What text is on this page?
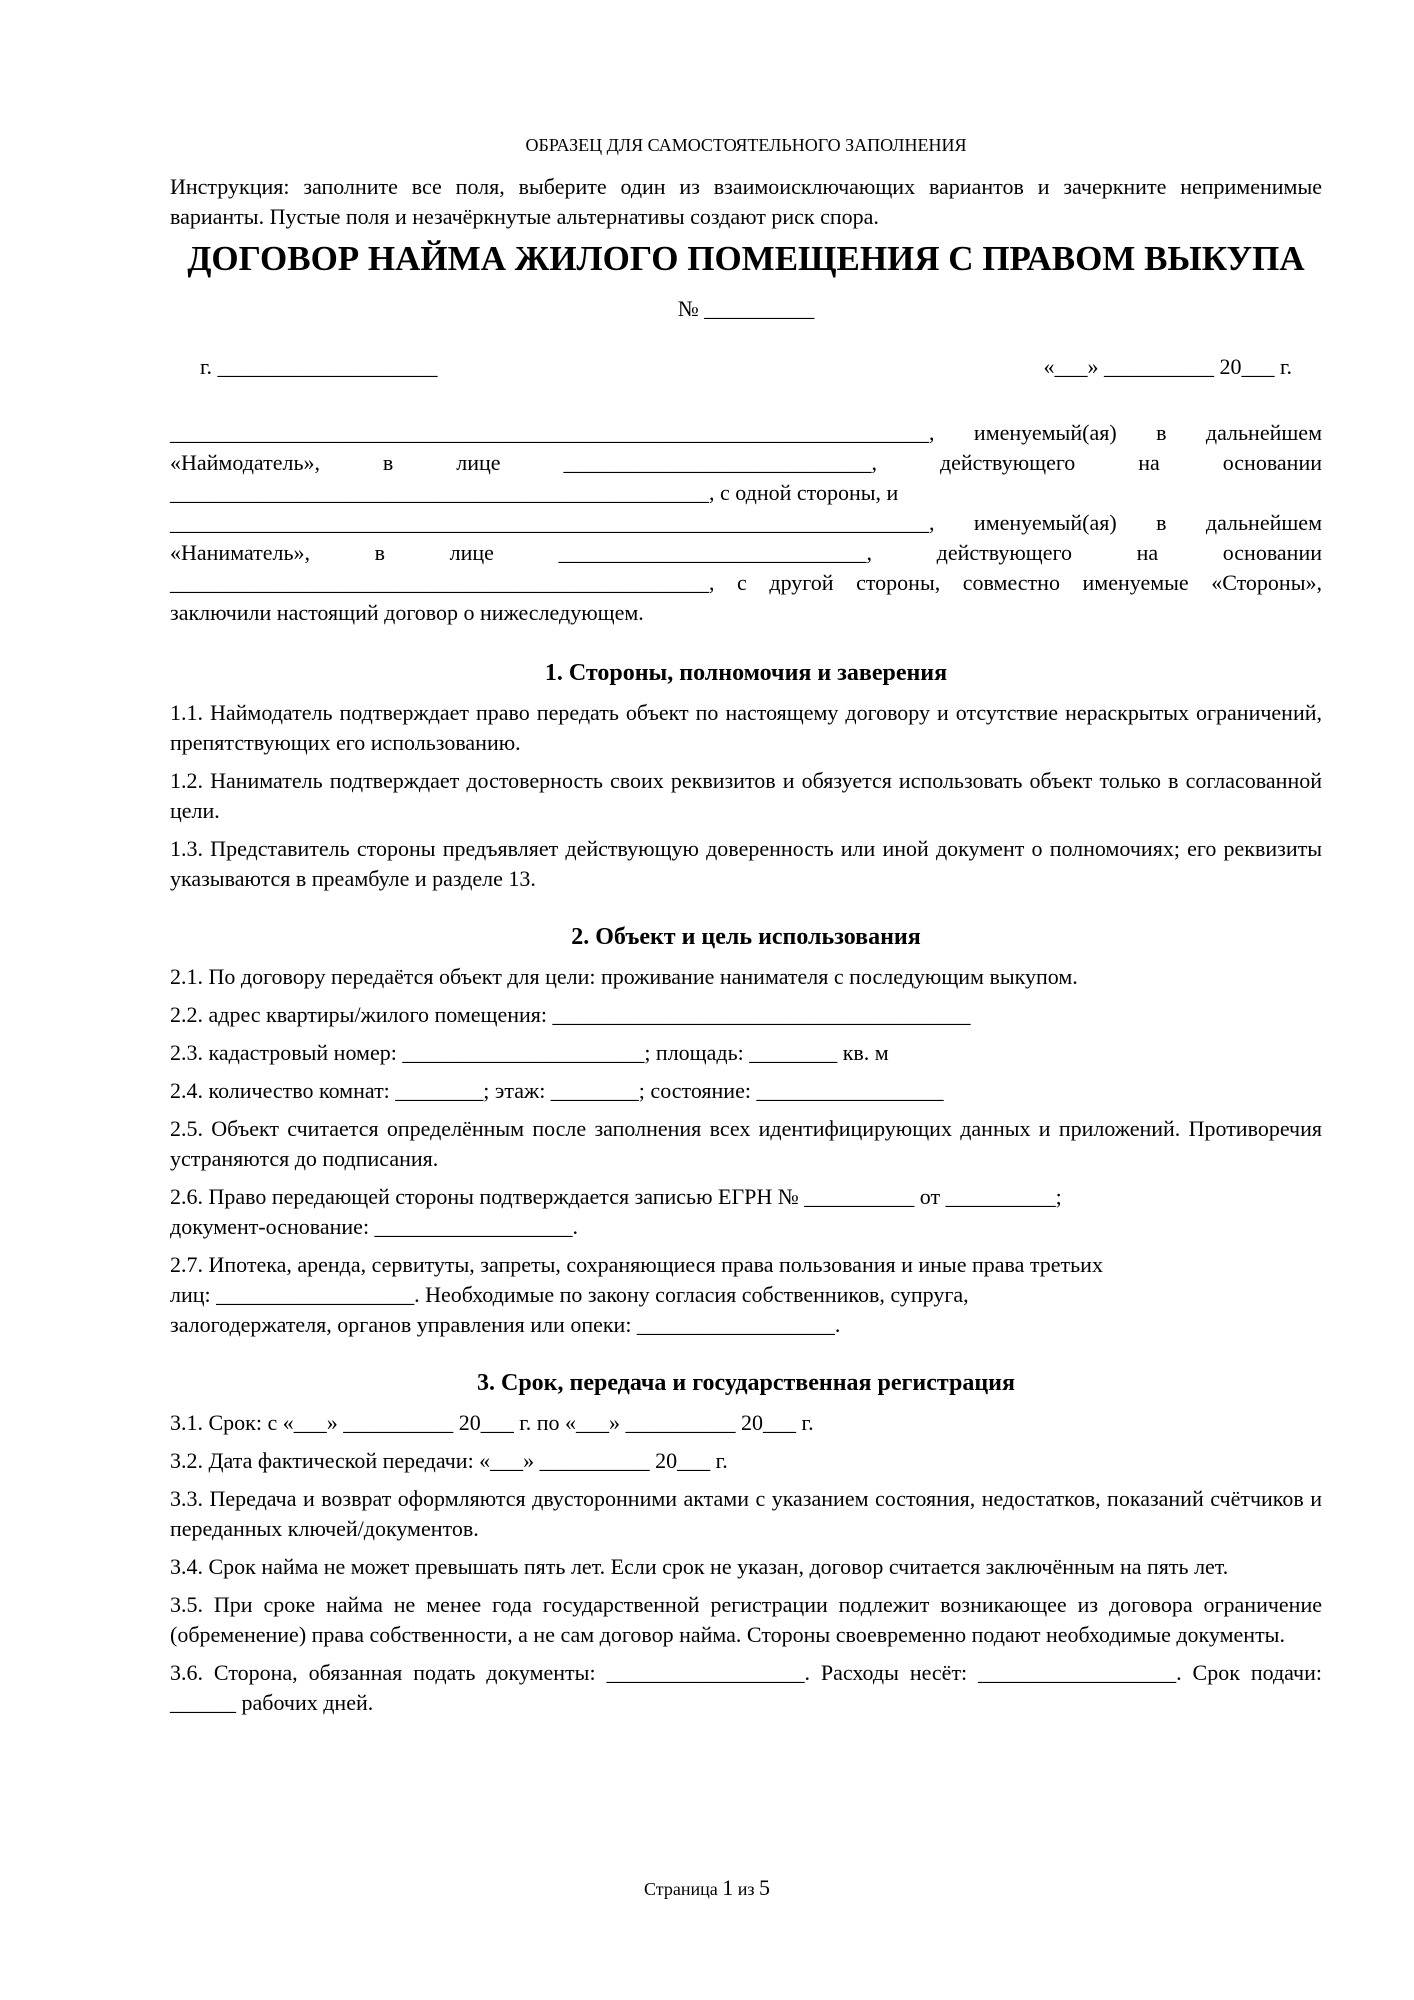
ОБРАЗЕЦ ДЛЯ САМОСТОЯТЕЛЬНОГО ЗАПОЛНЕНИЯ

Инструкция: заполните все поля, выберите один из взаимоисключающих вариантов и зачеркните неприменимые варианты. Пустые поля и незачёркнутые альтернативы создают риск спора.

ДОГОВОР НАЙМА ЖИЛОГО ПОМЕЩЕНИЯ С ПРАВОМ ВЫКУПА
№ __________
г. ____________________	«___» __________ 20___ г.

_____________________________________________________________________, именуемый(ая) в дальнейшем «Наймодатель», в лице ____________________________, действующего на основании _________________________________________________, с одной стороны, и

_____________________________________________________________________, именуемый(ая) в дальнейшем «Наниматель», в лице ____________________________, действующего на основании _________________________________________________, с другой стороны, совместно именуемые «Стороны», заключили настоящий договор о нижеследующем.

1. Стороны, полномочия и заверения

1.1. Наймодатель подтверждает право передать объект по настоящему договору и отсутствие нераскрытых ограничений, препятствующих его использованию.

1.2. Наниматель подтверждает достоверность своих реквизитов и обязуется использовать объект только в согласованной цели.

1.3. Представитель стороны предъявляет действующую доверенность или иной документ о полномочиях; его реквизиты указываются в преамбуле и разделе 13.

2. Объект и цель использования

2.1. По договору передаётся объект для цели: проживание нанимателя с последующим выкупом.

2.2. адрес квартиры/жилого помещения: ______________________________________

2.3. кадастровый номер: ______________________; площадь: ________ кв. м

2.4. количество комнат: ________; этаж: ________; состояние: _________________

2.5. Объект считается определённым после заполнения всех идентифицирующих данных и приложений. Противоречия устраняются до подписания.

2.6. Право передающей стороны подтверждается записью ЕГРН № __________ от __________;
документ-основание: __________________.
2.7. Ипотека, аренда, сервитуты, запреты, сохраняющиеся права пользования и иные права третьих
лиц: __________________. Необходимые по закону согласия собственников, супруга,
залогодержателя, органов управления или опеки: __________________.
3. Срок, передача и государственная регистрация

3.1. Срок: с «___» __________ 20___ г. по «___» __________ 20___ г.

3.2. Дата фактической передачи: «___» __________ 20___ г.

3.3. Передача и возврат оформляются двусторонними актами с указанием состояния, недостатков, показаний счётчиков и переданных ключей/документов.

3.4. Срок найма не может превышать пять лет. Если срок не указан, договор считается заключённым на пять лет.

3.5. При сроке найма не менее года государственной регистрации подлежит возникающее из договора ограничение (обременение) права собственности, а не сам договор найма. Стороны своевременно подают необходимые документы.

3.6. Сторона, обязанная подать документы: __________________. Расходы несёт: __________________. Срок подачи: ______ рабочих дней.

Страница 1 из 5
